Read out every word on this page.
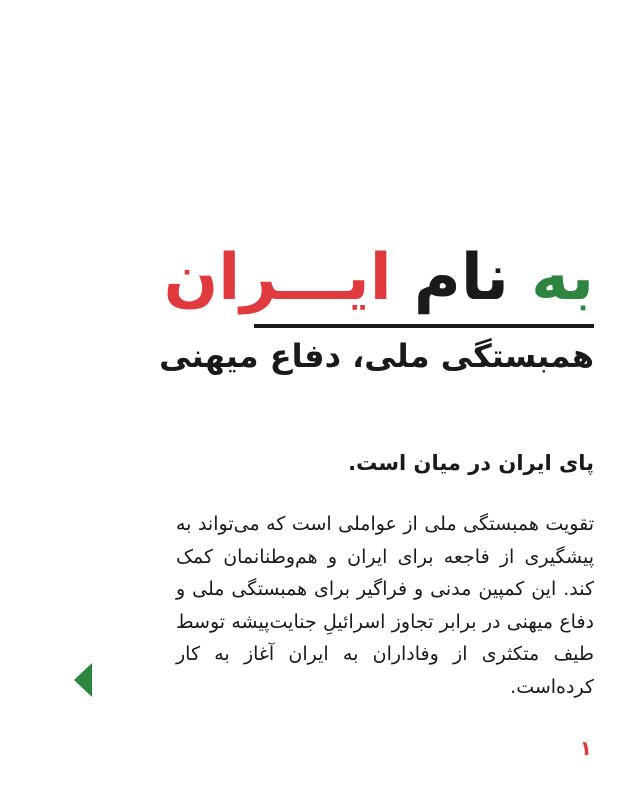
به نام ایـــران
همبستگی ملی، دفاع میهنی
پای ایران در میان است.

تقویت همبستگی ملی از عواملی است که می‌تواند به پیشگیری از فاجعه برای ایران و هم‌وطنانمان کمک کند. این کمپین مدنی و فراگیر برای همبستگی ملی و دفاع میهنی در برابر تجاوز اسرائیلِ جنایت‌پیشه توسط طیف متکثری از وفاداران به ایران آغاز به کار کرده‌است.

۱
